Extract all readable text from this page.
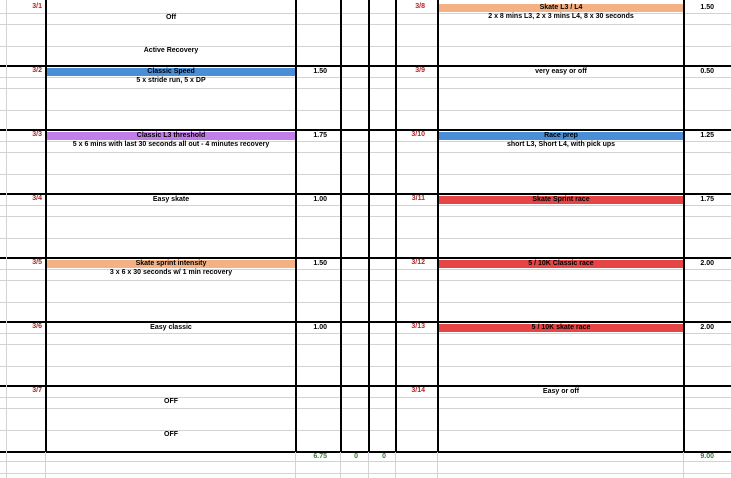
3/1
Off
Active Recovery
3/2	Classic Speed
5 x stride run, 5 x DP
1.50
3/3	Classic L3 threshold
5 x 6 mins with last 30 seconds all out - 4 minutes recovery
1.75
3/4	Easy skate	1.00
3/5	Skate sprint intensity
3 x 6 x 30 seconds w/ 1 min recovery
1.50
3/6	Easy classic	1.00
3/7
OFF
OFF
3/8	Skate L3 / L4
2 x 8 mins L3, 2 x 3 mins L4, 8 x 30 seconds
1.50
3/9	very easy or off	0.50
3/10	Race prep
short L3, Short L4, with pick ups
1.25
3/11	Skate Sprint race	1.75
3/12	5 / 10K Classic race	2.00
3/13	5 / 10K skate race	2.00
3/14	Easy or off
6.75	0	0	9.00
